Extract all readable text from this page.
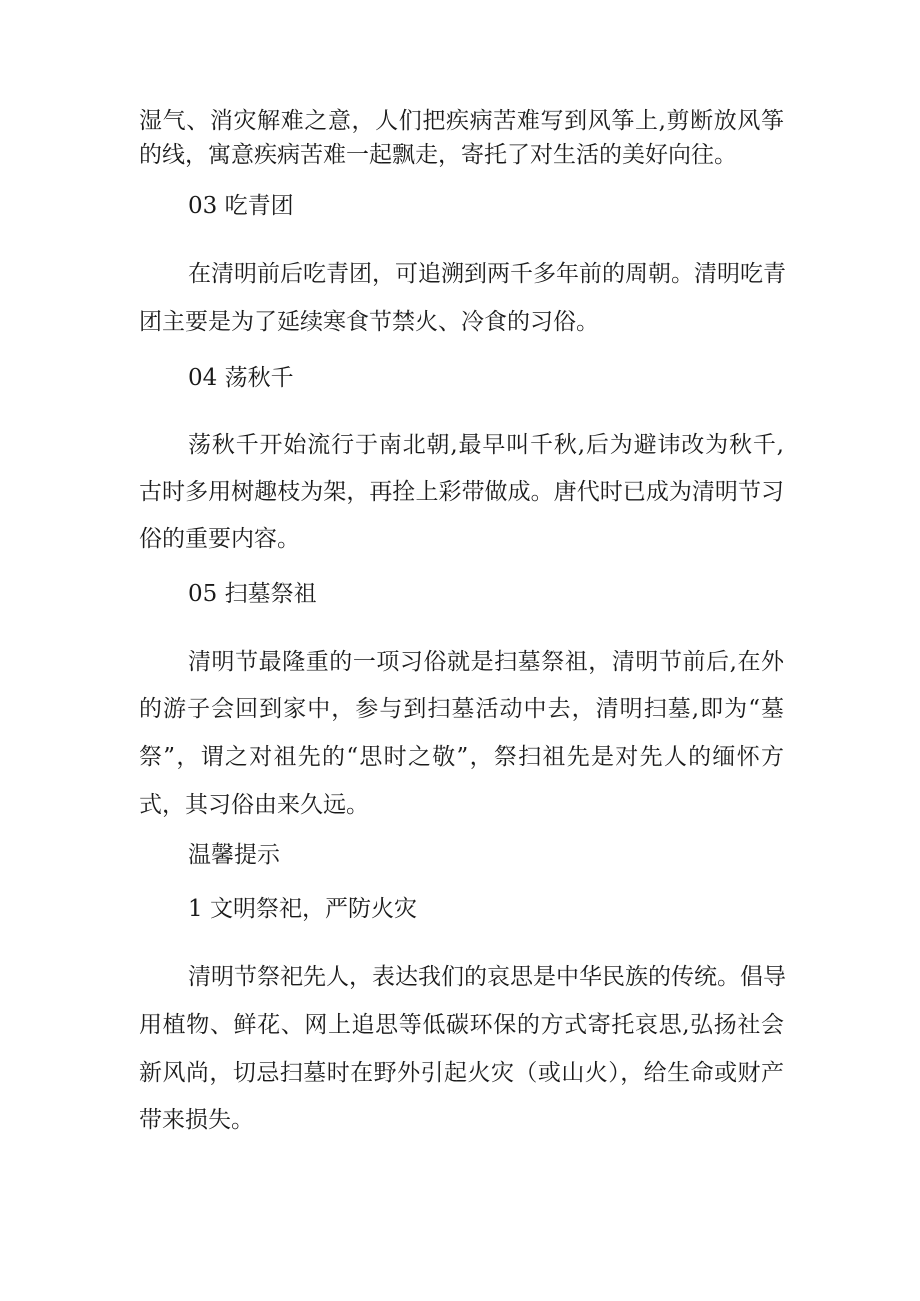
湿气、消灾解难之意，人们把疾病苦难写到风筝上,剪断放风筝
的线，寓意疾病苦难一起飘走，寄托了对生活的美好向往。
03 吃青团
在清明前后吃青团，可追溯到两千多年前的周朝。清明吃青
团主要是为了延续寒食节禁火、冷食的习俗。
04 荡秋千
荡秋千开始流行于南北朝,最早叫千秋,后为避讳改为秋千,
古时多用树趣枝为架，再拴上彩带做成。唐代时已成为清明节习
俗的重要内容。
05 扫墓祭祖
清明节最隆重的一项习俗就是扫墓祭祖，清明节前后,在外
的游子会回到家中，参与到扫墓活动中去，清明扫墓,即为“墓
祭”，谓之对祖先的“思时之敬”，祭扫祖先是对先人的缅怀方
式，其习俗由来久远。
温馨提示
1 文明祭祀，严防火灾
清明节祭祀先人，表达我们的哀思是中华民族的传统。倡导
用植物、鲜花、网上追思等低碳环保的方式寄托哀思,弘扬社会
新风尚，切忌扫墓时在野外引起火灾（或山火），给生命或财产
带来损失。
